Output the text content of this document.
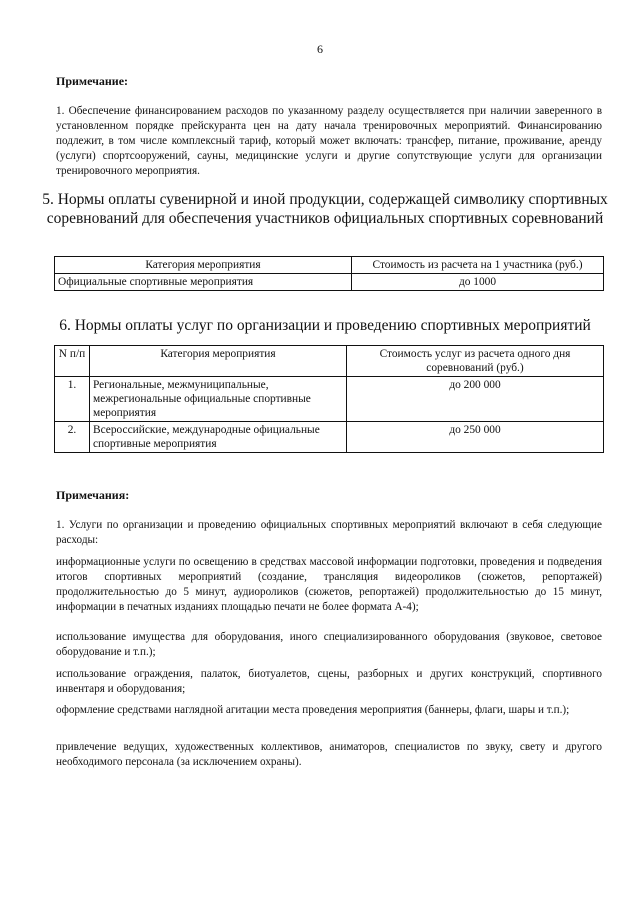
6
Примечание:
1. Обеспечение финансированием расходов по указанному разделу осуществляется при наличии заверенного в установленном порядке прейскуранта цен на дату начала тренировочных мероприятий. Финансированию подлежит, в том числе комплексный тариф, который может включать: трансфер, питание, проживание, аренду (услуги) спортсооружений, сауны, медицинские услуги и другие сопутствующие услуги для организации тренировочного мероприятия.
5. Нормы оплаты сувенирной и иной продукции, содержащей символику спортивных соревнований для обеспечения участников официальных спортивных соревнований
Категория мероприятия	Стоимость из расчета на 1 участника (руб.)
Официальные спортивные мероприятия	до 1000
6. Нормы оплаты услуг по организации и проведению спортивных мероприятий
N п/п	Категория мероприятия	Стоимость услуг из расчета одного дня соревнований (руб.)
1.	Региональные, межмуниципальные, межрегиональные официальные спортивные мероприятия	до 200 000
2.	Всероссийские, международные официальные спортивные мероприятия	до 250 000
Примечания:
1. Услуги по организации и проведению официальных спортивных мероприятий включают в себя следующие расходы:
информационные услуги по освещению в средствах массовой информации подготовки, проведения и подведения итогов спортивных мероприятий (создание, трансляция видеороликов (сюжетов, репортажей) продолжительностью до 5 минут, аудиороликов (сюжетов, репортажей) продолжительностью до 15 минут, информации в печатных изданиях площадью печати не более формата А-4);
использование имущества для оборудования, иного специализированного оборудования (звуковое, световое оборудование и т.п.);
использование ограждения, палаток, биотуалетов, сцены, разборных и других конструкций, спортивного инвентаря и оборудования;
оформление средствами наглядной агитации места проведения мероприятия (баннеры, флаги, шары и т.п.);
привлечение ведущих, художественных коллективов, аниматоров, специалистов по звуку, свету и другого необходимого персонала (за исключением охраны).
